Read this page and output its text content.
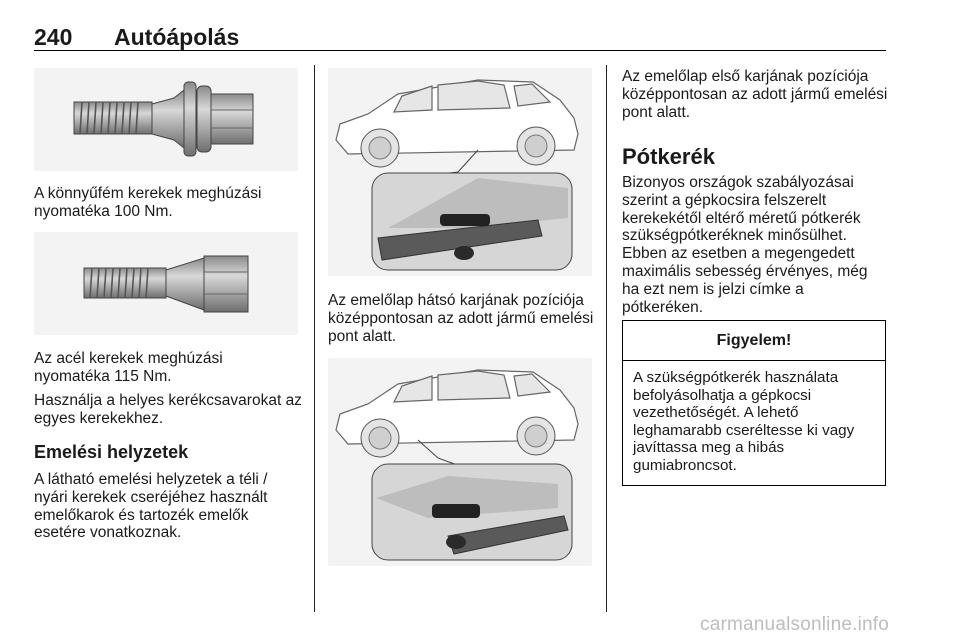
240 Autóápolás
A könnyűfém kerekek meghúzási nyomatéka 100 Nm.
Az acél kerekek meghúzási nyomatéka 115 Nm.
Használja a helyes kerékcsavarokat az egyes kerekekhez.
Emelési helyzetek
A látható emelési helyzetek a téli / nyári kerekek cseréjéhez használt emelőkarok és tartozék emelők esetére vonatkoznak.
Az emelőlap hátsó karjának pozíciója középpontosan az adott jármű emelési pont alatt.
Az emelőlap első karjának pozíciója középpontosan az adott jármű emelési pont alatt.
Pótkerék
Bizonyos országok szabályozásai szerint a gépkocsira felszerelt kerekekétől eltérő méretű pótkerék szükségpótkeréknek minősülhet. Ebben az esetben a megengedett maximális sebesség érvényes, még ha ezt nem is jelzi címke a pótkeréken.
Figyelem!
A szükségpótkerék használata befolyásolhatja a gépkocsi vezethetőségét. A lehető leghamarabb cseréltesse ki vagy javíttassa meg a hibás gumiabroncsot.
carmanualsonline.info
